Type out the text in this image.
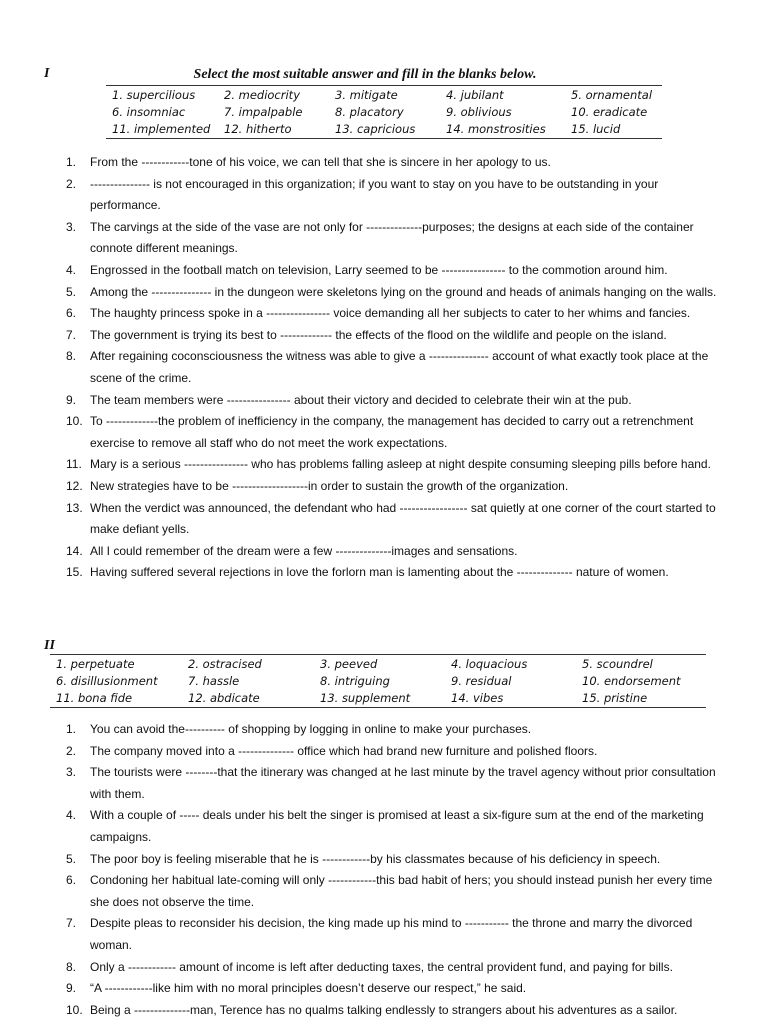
I	Select the most suitable answer and fill in the blanks below.
1. supercilious	2. mediocrity	3. mitigate	4. jubilant	5. ornamental
6. insomniac	7. impalpable	8. placatory	9. oblivious	10. eradicate
11. implemented 12. hitherto	13. capricious	14. monstrosities 15. lucid
1.	From the ------------tone of his voice, we can tell that she is sincere in her apology to us.
2.	--------------- is not encouraged in this organization; if you want to stay on you have to be outstanding in your performance.
3.	The carvings at the side of the vase are not only for --------------purposes; the designs at each side of the container connote different meanings.
4.	Engrossed in the football match on television, Larry seemed to be ---------------- to the commotion around him.
5.	Among the --------------- in the dungeon were skeletons lying on the ground and heads of animals hanging on the walls.
6.	The haughty princess spoke in a ---------------- voice demanding all her subjects to cater to her whims and fancies.
7.	The government is trying its best to ------------- the effects of the flood on the wildlife and people on the island.
8.	After regaining coconsciousness the witness was able to give a --------------- account of what exactly took place at the scene of the crime.
9.	The team members were ---------------- about their victory and decided to celebrate their win at the pub.
10. To -------------the problem of inefficiency in the company, the management has decided to carry out a retrenchment exercise to remove all staff who do not meet the work expectations.
11. Mary is a serious ---------------- who has problems falling asleep at night despite consuming sleeping pills before hand.
12. New strategies have to be -------------------in order to sustain the growth of the organization.
13. When the verdict was announced, the defendant who had ----------------- sat quietly at one corner of the court started to make defiant yells.
14. All I could remember of the dream were a few --------------images and sensations.
15. Having suffered several rejections in love the forlorn man is lamenting about the -------------- nature of women.
II
1. perpetuate	2. ostracised	3. peeved	4. loquacious	5. scoundrel
6. disillusionment	7. hassle	8. intriguing	9. residual	10. endorsement
11. bona fide	12. abdicate	13. supplement	14. vibes	15. pristine
1.	You can avoid the---------- of shopping by logging in online to make your purchases.
2.	The company moved into a -------------- office which had brand new furniture and polished floors.
3.	The tourists were --------that the itinerary was changed at he last minute by the travel agency without prior consultation with them.
4.	With a couple of ----- deals under his belt the singer is promised at least a six-figure sum at the end of the marketing campaigns.
5.	The poor boy is feeling miserable that he is ------------by his classmates because of his deficiency in speech.
6.	Condoning her habitual late-coming will only ------------this bad habit of hers; you should instead punish her every time she does not observe the time.
7.	Despite pleas to reconsider his decision, the king made up his mind to ----------- the throne and marry the divorced woman.
8.	Only a ------------ amount of income is left after deducting taxes, the central provident fund, and paying for bills.
9.	“A ------------like him with no moral principles doesn’t deserve our respect,” he said.
10. Being a --------------man, Terence has no qualms talking endlessly to strangers about his adventures as a sailor.
